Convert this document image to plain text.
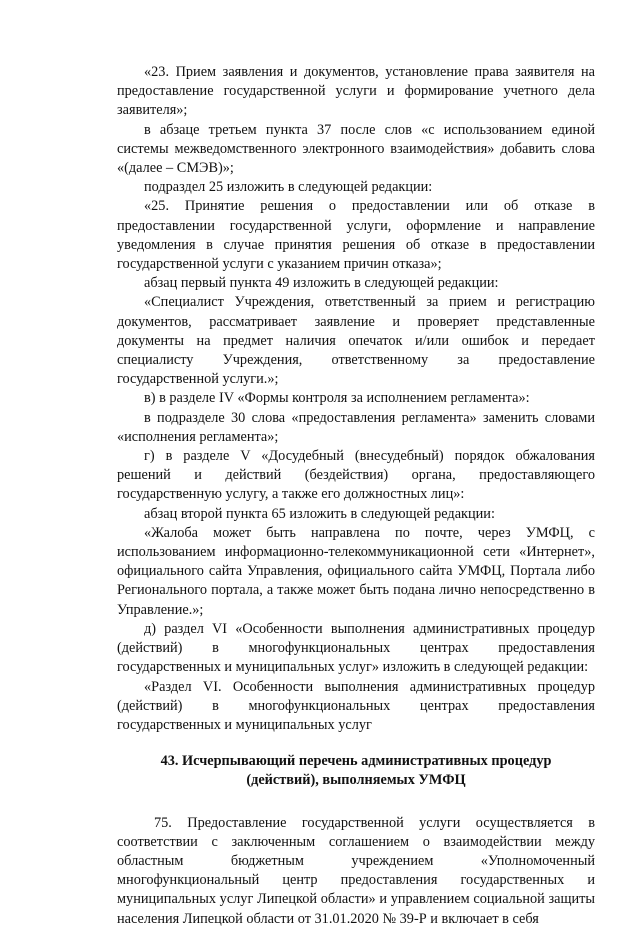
«23. Прием заявления и документов, установление права заявителя на предоставление государственной услуги и формирование учетного дела заявителя»;

в абзаце третьем пункта 37 после слов «с использованием единой системы межведомственного электронного взаимодействия» добавить слова «(далее – СМЭВ)»;

подраздел 25 изложить в следующей редакции:

«25. Принятие решения о предоставлении или об отказе в предоставлении государственной услуги, оформление и направление уведомления в случае принятия решения об отказе в предоставлении государственной услуги с указанием причин отказа»;

абзац первый пункта 49 изложить в следующей редакции:

«Специалист Учреждения, ответственный за прием и регистрацию документов, рассматривает заявление и проверяет представленные документы на предмет наличия опечаток и/или ошибок и передает специалисту Учреждения, ответственному за предоставление государственной услуги.»;

в) в разделе IV «Формы контроля за исполнением регламента»:

в подразделе 30 слова «предоставления регламента» заменить словами «исполнения регламента»;

г) в разделе V «Досудебный (внесудебный) порядок обжалования решений и действий (бездействия) органа, предоставляющего государственную услугу, а также его должностных лиц»:

абзац второй пункта 65 изложить в следующей редакции:

«Жалоба может быть направлена по почте, через УМФЦ, с использованием информационно-телекоммуникационной сети «Интернет», официального сайта Управления, официального сайта УМФЦ, Портала либо Регионального портала, а также может быть подана лично непосредственно в Управление.»;

д) раздел VI «Особенности выполнения административных процедур (действий) в многофункциональных центрах предоставления государственных и муниципальных услуг» изложить в следующей редакции:

«Раздел VI. Особенности выполнения административных процедур (действий) в многофункциональных центрах предоставления государственных и муниципальных услуг

43. Исчерпывающий перечень административных процедур
(действий), выполняемых УМФЦ

75. Предоставление государственной услуги осуществляется в соответствии с заключенным соглашением о взаимодействии между областным бюджетным учреждением «Уполномоченный многофункциональный центр предоставления государственных и муниципальных услуг Липецкой области» и управлением социальной защиты населения Липецкой области от 31.01.2020 № 39-Р и включает в себя
